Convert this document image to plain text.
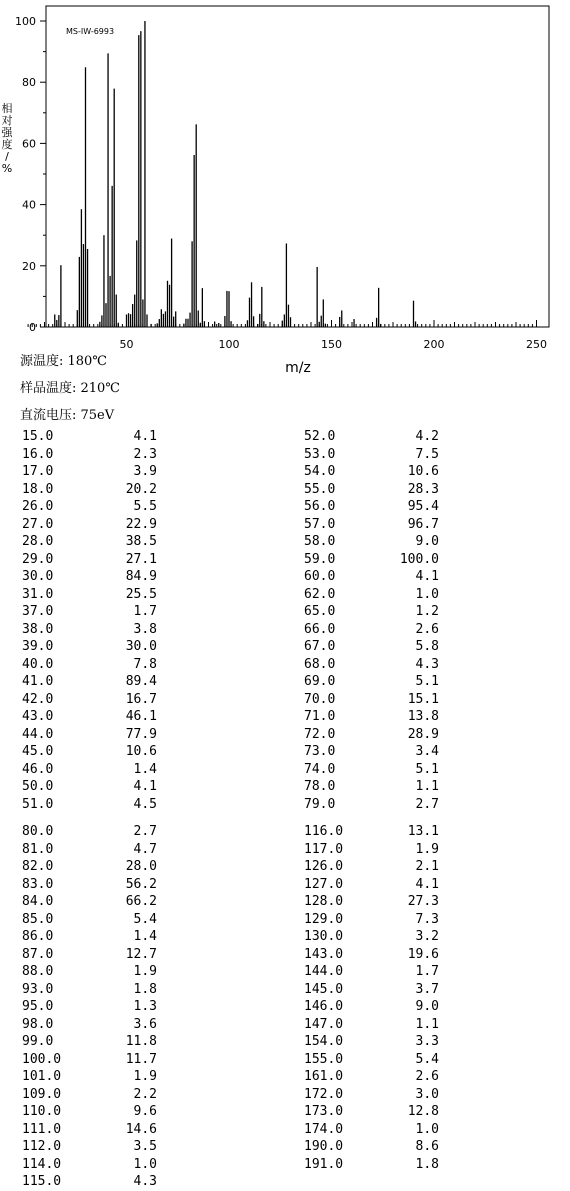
MS-IW-6993
m/z
相
对
强
度
/
%
0
20
40
60
80
100
50	100	150	200	250
源温度: 180℃
样品温度: 210℃
直流电压: 75eV
15.0	4.1
16.0	2.3
17.0	3.9
18.0	20.2
26.0	5.5
27.0	22.9
28.0	38.5
29.0	27.1
30.0	84.9
31.0	25.5
37.0	1.7
38.0	3.8
39.0	30.0
40.0	7.8
41.0	89.4
42.0	16.7
43.0	46.1
44.0	77.9
45.0	10.6
46.0	1.4
50.0	4.1
51.0	4.5
52.0	4.2
53.0	7.5
54.0	10.6
55.0	28.3
56.0	95.4
57.0	96.7
58.0	9.0
59.0	100.0
60.0	4.1
62.0	1.0
65.0	1.2
66.0	2.6
67.0	5.8
68.0	4.3
69.0	5.1
70.0	15.1
71.0	13.8
72.0	28.9
73.0	3.4
74.0	5.1
78.0	1.1
79.0	2.7
80.0	2.7
81.0	4.7
82.0	28.0
83.0	56.2
84.0	66.2
85.0	5.4
86.0	1.4
87.0	12.7
88.0	1.9
93.0	1.8
95.0	1.3
98.0	3.6
99.0	11.8
100.0	11.7
101.0	1.9
109.0	2.2
110.0	9.6
111.0	14.6
112.0	3.5
114.0	1.0
115.0	4.3
116.0	13.1
117.0	1.9
126.0	2.1
127.0	4.1
128.0	27.3
129.0	7.3
130.0	3.2
143.0	19.6
144.0	1.7
145.0	3.7
146.0	9.0
147.0	1.1
154.0	3.3
155.0	5.4
161.0	2.6
172.0	3.0
173.0	12.8
174.0	1.0
190.0	8.6
191.0	1.8
